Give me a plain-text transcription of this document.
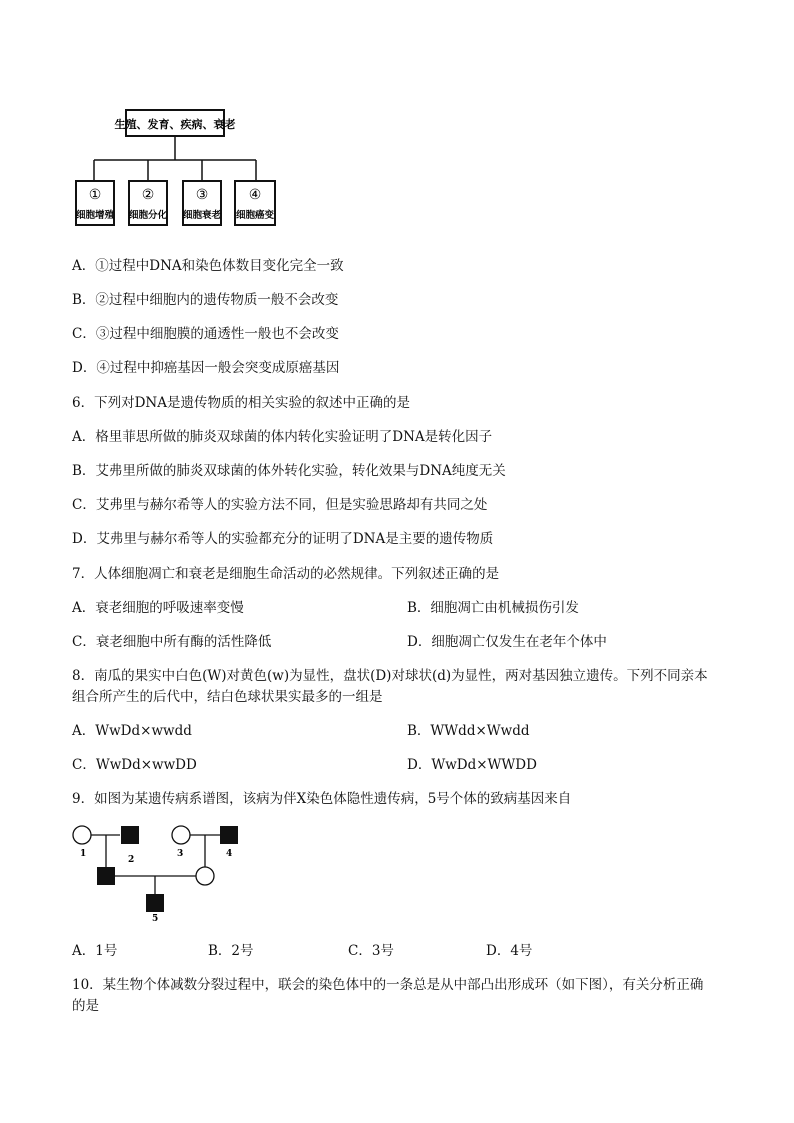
生殖、发育、疾病、衰老
①
细胞增殖
②
细胞分化
③
细胞衰老
④
细胞癌变
A．①过程中DNA和染色体数目变化完全一致
B．②过程中细胞内的遗传物质一般不会改变
C．③过程中细胞膜的通透性一般也不会改变
D．④过程中抑癌基因一般会突变成原癌基因
6．下列对DNA是遗传物质的相关实验的叙述中正确的是
A．格里菲思所做的肺炎双球菌的体内转化实验证明了DNA是转化因子
B．艾弗里所做的肺炎双球菌的体外转化实验，转化效果与DNA纯度无关
C．艾弗里与赫尔希等人的实验方法不同，但是实验思路却有共同之处
D．艾弗里与赫尔希等人的实验都充分的证明了DNA是主要的遗传物质
7．人体细胞凋亡和衰老是细胞生命活动的必然规律。下列叙述正确的是
A．衰老细胞的呼吸速率变慢	B．细胞凋亡由机械损伤引发
C．衰老细胞中所有酶的活性降低	D．细胞凋亡仅发生在老年个体中
8．南瓜的果实中白色(W)对黄色(w)为显性，盘状(D)对球状(d)为显性，两对基因独立遗传。下列不同亲本
组合所产生的后代中，结白色球状果实最多的一组是
A．WwDd×wwdd	B．WWdd×Wwdd
C．WwDd×wwDD	D．WwDd×WWDD
9．如图为某遗传病系谱图，该病为伴X染色体隐性遗传病，5号个体的致病基因来自
1
2
3	4
5
A．1号	B．2号	C．3号	D．4号
10．某生物个体减数分裂过程中，联会的染色体中的一条总是从中部凸出形成环（如下图），有关分析正确
的是
